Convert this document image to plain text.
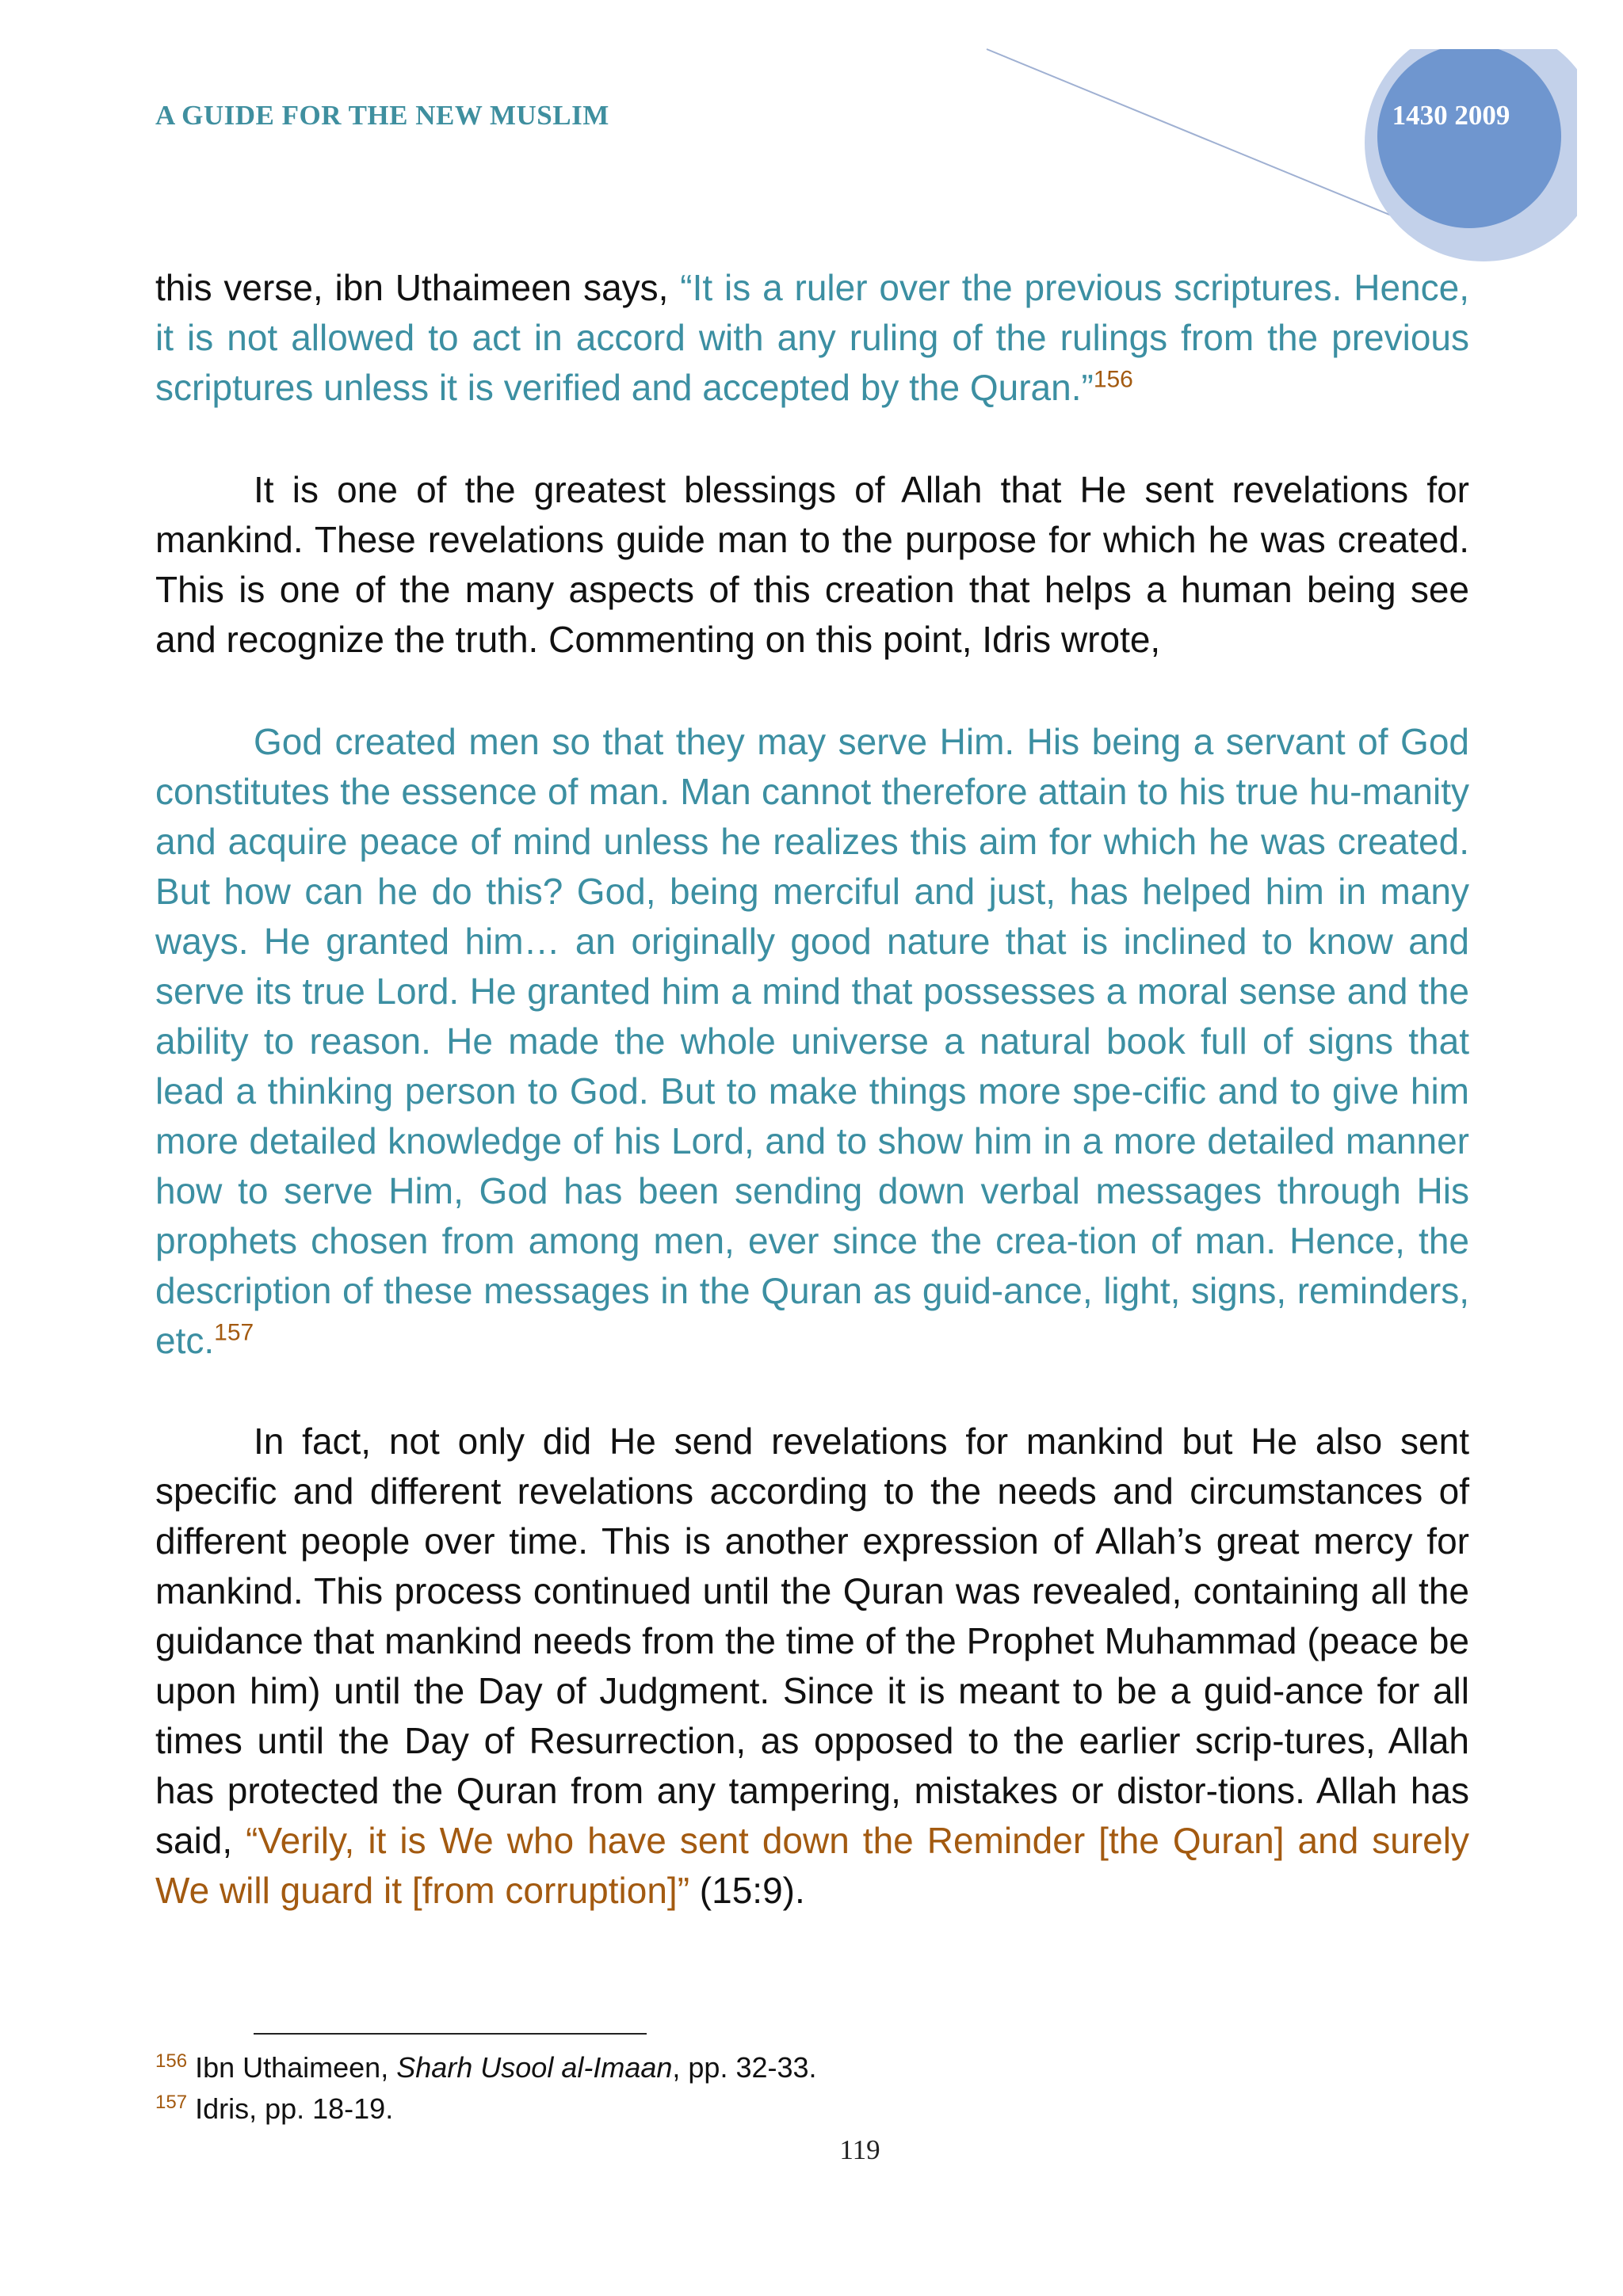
A GUIDE FOR THE NEW MUSLIM	1430 2009
this verse, ibn Uthaimeen says, “It is a ruler over the previous scriptures. Hence, it is not allowed to act in accord with any ruling of the rulings from the previous scriptures unless it is verified and accepted by the Quran.”$^{156}$
It is one of the greatest blessings of Allah that He sent revelations for mankind. These revelations guide man to the purpose for which he was created. This is one of the many aspects of this creation that helps a human being see and recognize the truth. Commenting on this point, Idris wrote,
God created men so that they may serve Him. His being a servant of God constitutes the essence of man. Man cannot therefore attain to his true hu-manity and acquire peace of mind unless he realizes this aim for which he was created. But how can he do this? God, being merciful and just, has helped him in many ways. He granted him… an originally good nature that is inclined to know and serve its true Lord. He granted him a mind that possesses a moral sense and the ability to reason. He made the whole universe a natural book full of signs that lead a thinking person to God. But to make things more spe-cific and to give him more detailed knowledge of his Lord, and to show him in a more detailed manner how to serve Him, God has been sending down verbal messages through His prophets chosen from among men, ever since the crea-tion of man. Hence, the description of these messages in the Quran as guid-ance, light, signs, reminders, etc.$^{157}$
In fact, not only did He send revelations for mankind but He also sent specific and different revelations according to the needs and circumstances of different people over time. This is another expression of Allah’s great mercy for mankind. This process continued until the Quran was revealed, containing all the guidance that mankind needs from the time of the Prophet Muhammad (peace be upon him) until the Day of Judgment. Since it is meant to be a guid-ance for all times until the Day of Resurrection, as opposed to the earlier scrip-tures, Allah has protected the Quran from any tampering, mistakes or distor-tions. Allah has said, “Verily, it is We who have sent down the Reminder [the Quran] and surely We will guard it [from corruption]” (15:9).
$^{156}$ Ibn Uthaimeen, Sharh Usool al-Imaan, pp. 32-33.
$^{157}$ Idris, pp. 18-19.
119
